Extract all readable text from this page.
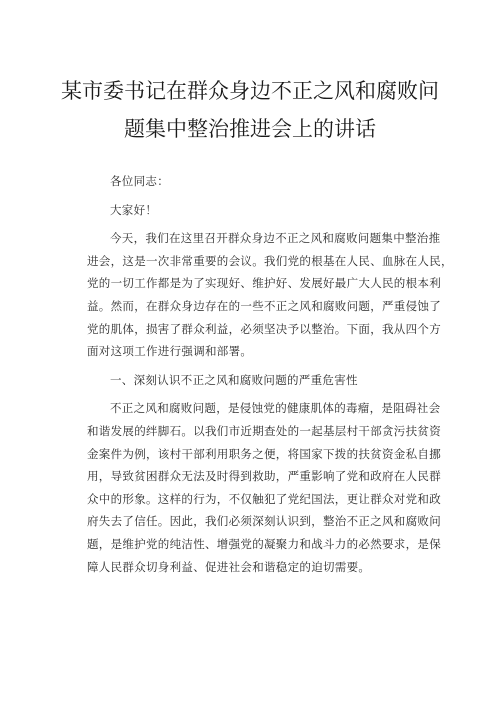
某市委书记在群众身边不正之风和腐败问
题集中整治推进会上的讲话

各位同志：

大家好！

今天，我们在这里召开群众身边不正之风和腐败问题集中整治推
进会，这是一次非常重要的会议。我们党的根基在人民、血脉在人民，
党的一切工作都是为了实现好、维护好、发展好最广大人民的根本利
益。然而，在群众身边存在的一些不正之风和腐败问题，严重侵蚀了
党的肌体，损害了群众利益，必须坚决予以整治。下面，我从四个方
面对这项工作进行强调和部署。

一、深刻认识不正之风和腐败问题的严重危害性

不正之风和腐败问题，是侵蚀党的健康肌体的毒瘤，是阻碍社会
和谐发展的绊脚石。以我们市近期查处的一起基层村干部贪污扶贫资
金案件为例，该村干部利用职务之便，将国家下拨的扶贫资金私自挪
用，导致贫困群众无法及时得到救助，严重影响了党和政府在人民群
众中的形象。这样的行为，不仅触犯了党纪国法，更让群众对党和政
府失去了信任。因此，我们必须深刻认识到，整治不正之风和腐败问
题，是维护党的纯洁性、增强党的凝聚力和战斗力的必然要求，是保
障人民群众切身利益、促进社会和谐稳定的迫切需要。
